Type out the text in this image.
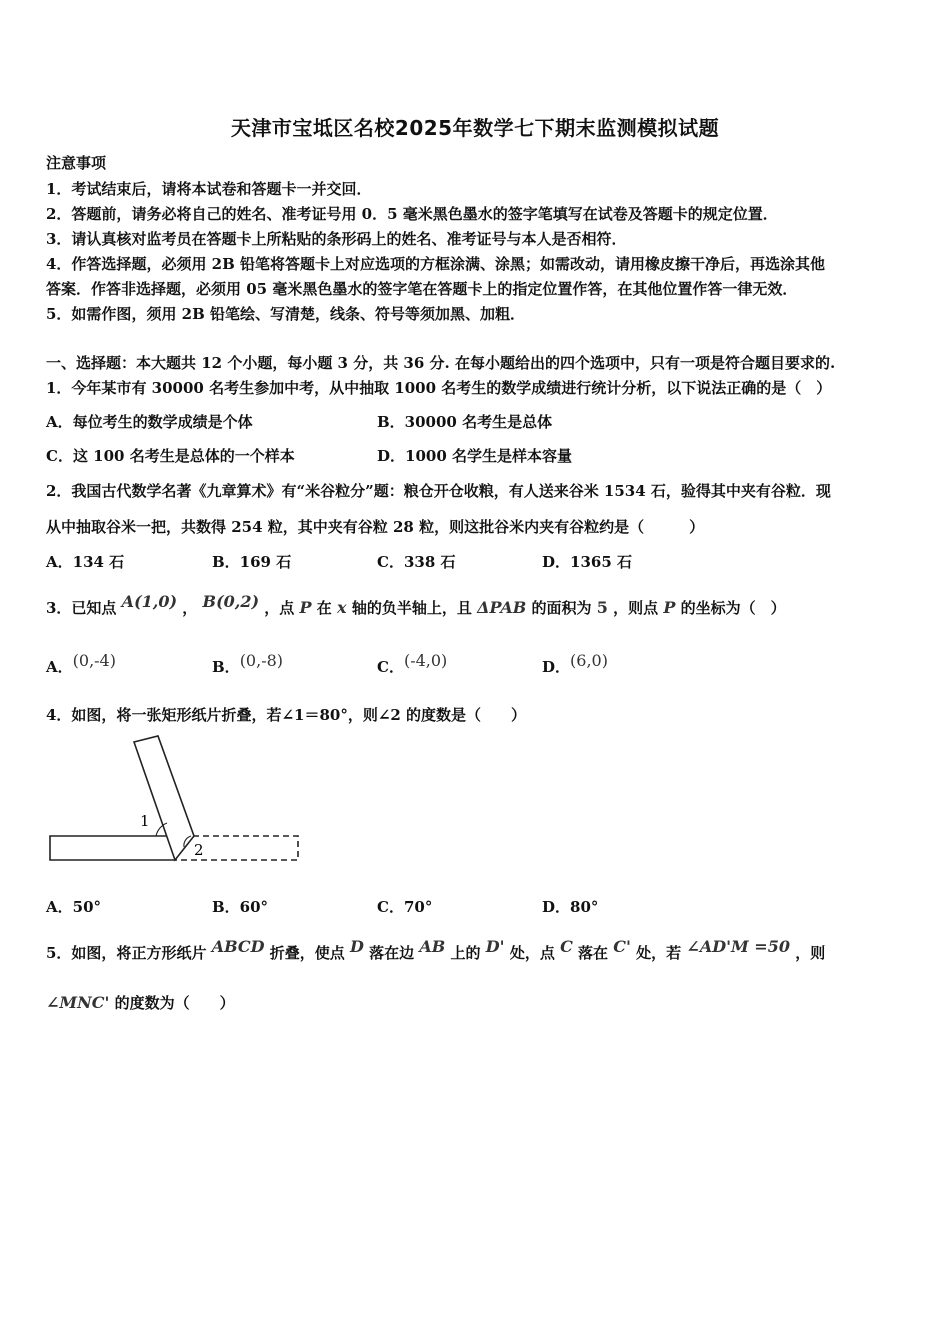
天津市宝坻区名校2025年数学七下期末监测模拟试题
注意事项
1．考试结束后，请将本试卷和答题卡一并交回．
2．答题前，请务必将自己的姓名、准考证号用 0．5 毫米黑色墨水的签字笔填写在试卷及答题卡的规定位置．
3．请认真核对监考员在答题卡上所粘贴的条形码上的姓名、准考证号与本人是否相符．
4．作答选择题，必须用 2B 铅笔将答题卡上对应选项的方框涂满、涂黑；如需改动，请用橡皮擦干净后，再选涂其他
答案．作答非选择题，必须用 05 毫米黑色墨水的签字笔在答题卡上的指定位置作答，在其他位置作答一律无效．
5．如需作图，须用 2B 铅笔绘、写清楚，线条、符号等须加黑、加粗．
一、选择题：本大题共 12 个小题，每小题 3 分，共 36 分. 在每小题给出的四个选项中，只有一项是符合题目要求的.
1．今年某市有 30000 名考生参加中考，从中抽取 1000 名考生的数学成绩进行统计分析，以下说法正确的是（　）
A．每位考生的数学成绩是个体	B．30000 名考生是总体
C．这 100 名考生是总体的一个样本	D．1000 名学生是样本容量
2．我国古代数学名著《九章算术》有“米谷粒分”题：粮仓开仓收粮，有人送来谷米 1534 石，验得其中夹有谷粒．现
从中抽取谷米一把，共数得 254 粒，其中夹有谷粒 28 粒，则这批谷米内夹有谷粒约是（　　　）
A．134 石	B．169 石	C．338 石	D．1365 石
3．已知点 A(1,0) ， B(0,2) ，点 P 在 x 轴的负半轴上，且 ΔPAB 的面积为 5 ，则点 P 的坐标为（　）
A．(0,-4)	B．(0,-8)	C．(-4,0)	D．(6,0)
4．如图，将一张矩形纸片折叠，若∠1＝80°，则∠2 的度数是（　　）
1
2
A．50°	B．60°	C．70°	D．80°
5．如图，将正方形纸片 ABCD 折叠，使点 D 落在边 AB 上的 D' 处，点 C 落在 C' 处，若 ∠AD'M =50 ，则
∠MNC' 的度数为（　　）
